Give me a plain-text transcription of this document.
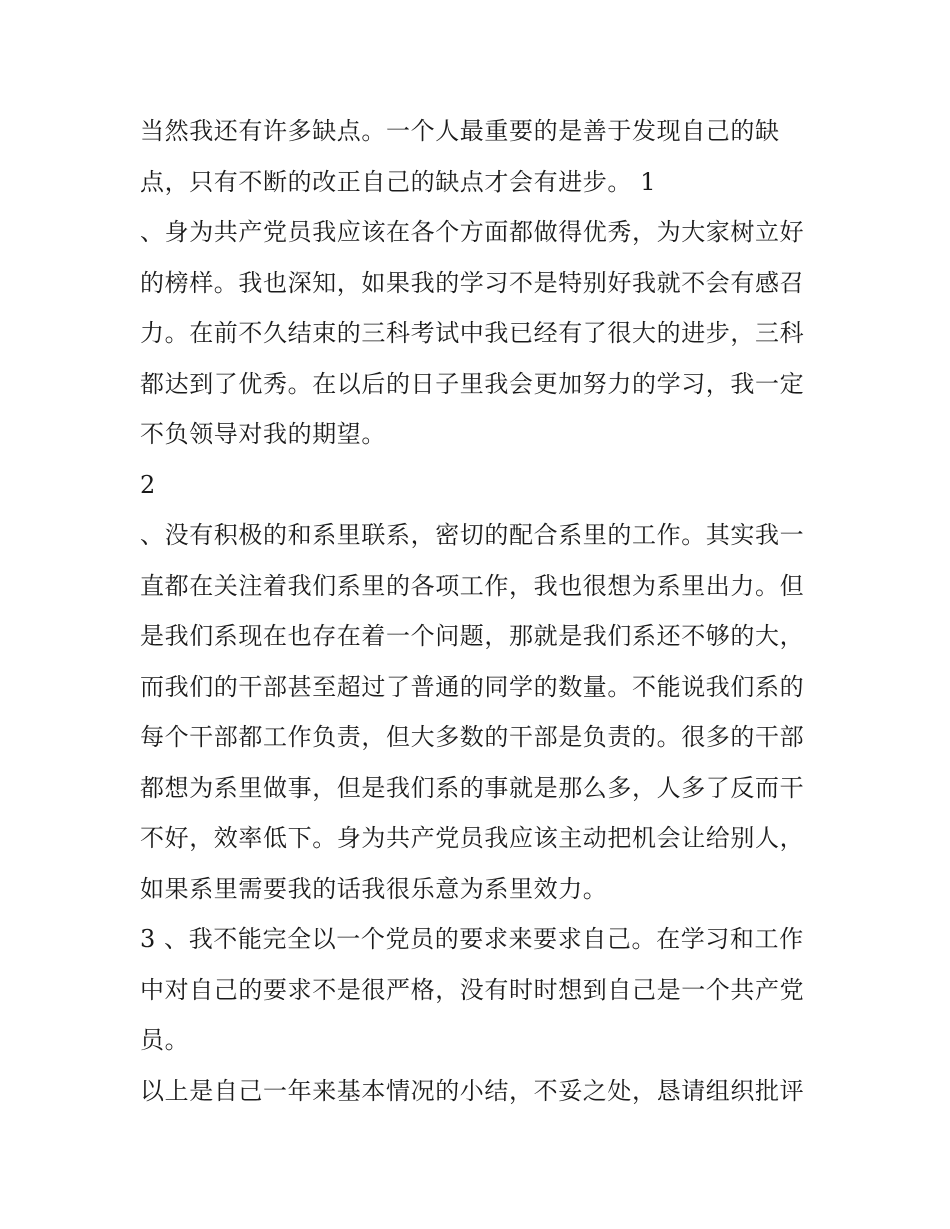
当然我还有许多缺点。一个人最重要的是善于发现自己的缺
点，只有不断的改正自己的缺点才会有进步。 1
、身为共产党员我应该在各个方面都做得优秀，为大家树立好
的榜样。我也深知，如果我的学习不是特别好我就不会有感召
力。在前不久结束的三科考试中我已经有了很大的进步，三科
都达到了优秀。在以后的日子里我会更加努力的学习，我一定
不负领导对我的期望。
2
、没有积极的和系里联系，密切的配合系里的工作。其实我一
直都在关注着我们系里的各项工作，我也很想为系里出力。但
是我们系现在也存在着一个问题，那就是我们系还不够的大，
而我们的干部甚至超过了普通的同学的数量。不能说我们系的
每个干部都工作负责，但大多数的干部是负责的。很多的干部
都想为系里做事，但是我们系的事就是那么多，人多了反而干
不好，效率低下。身为共产党员我应该主动把机会让给别人，
如果系里需要我的话我很乐意为系里效力。
3 、我不能完全以一个党员的要求来要求自己。在学习和工作
中对自己的要求不是很严格，没有时时想到自己是一个共产党
员。
以上是自己一年来基本情况的小结，不妥之处，恳请组织批评
